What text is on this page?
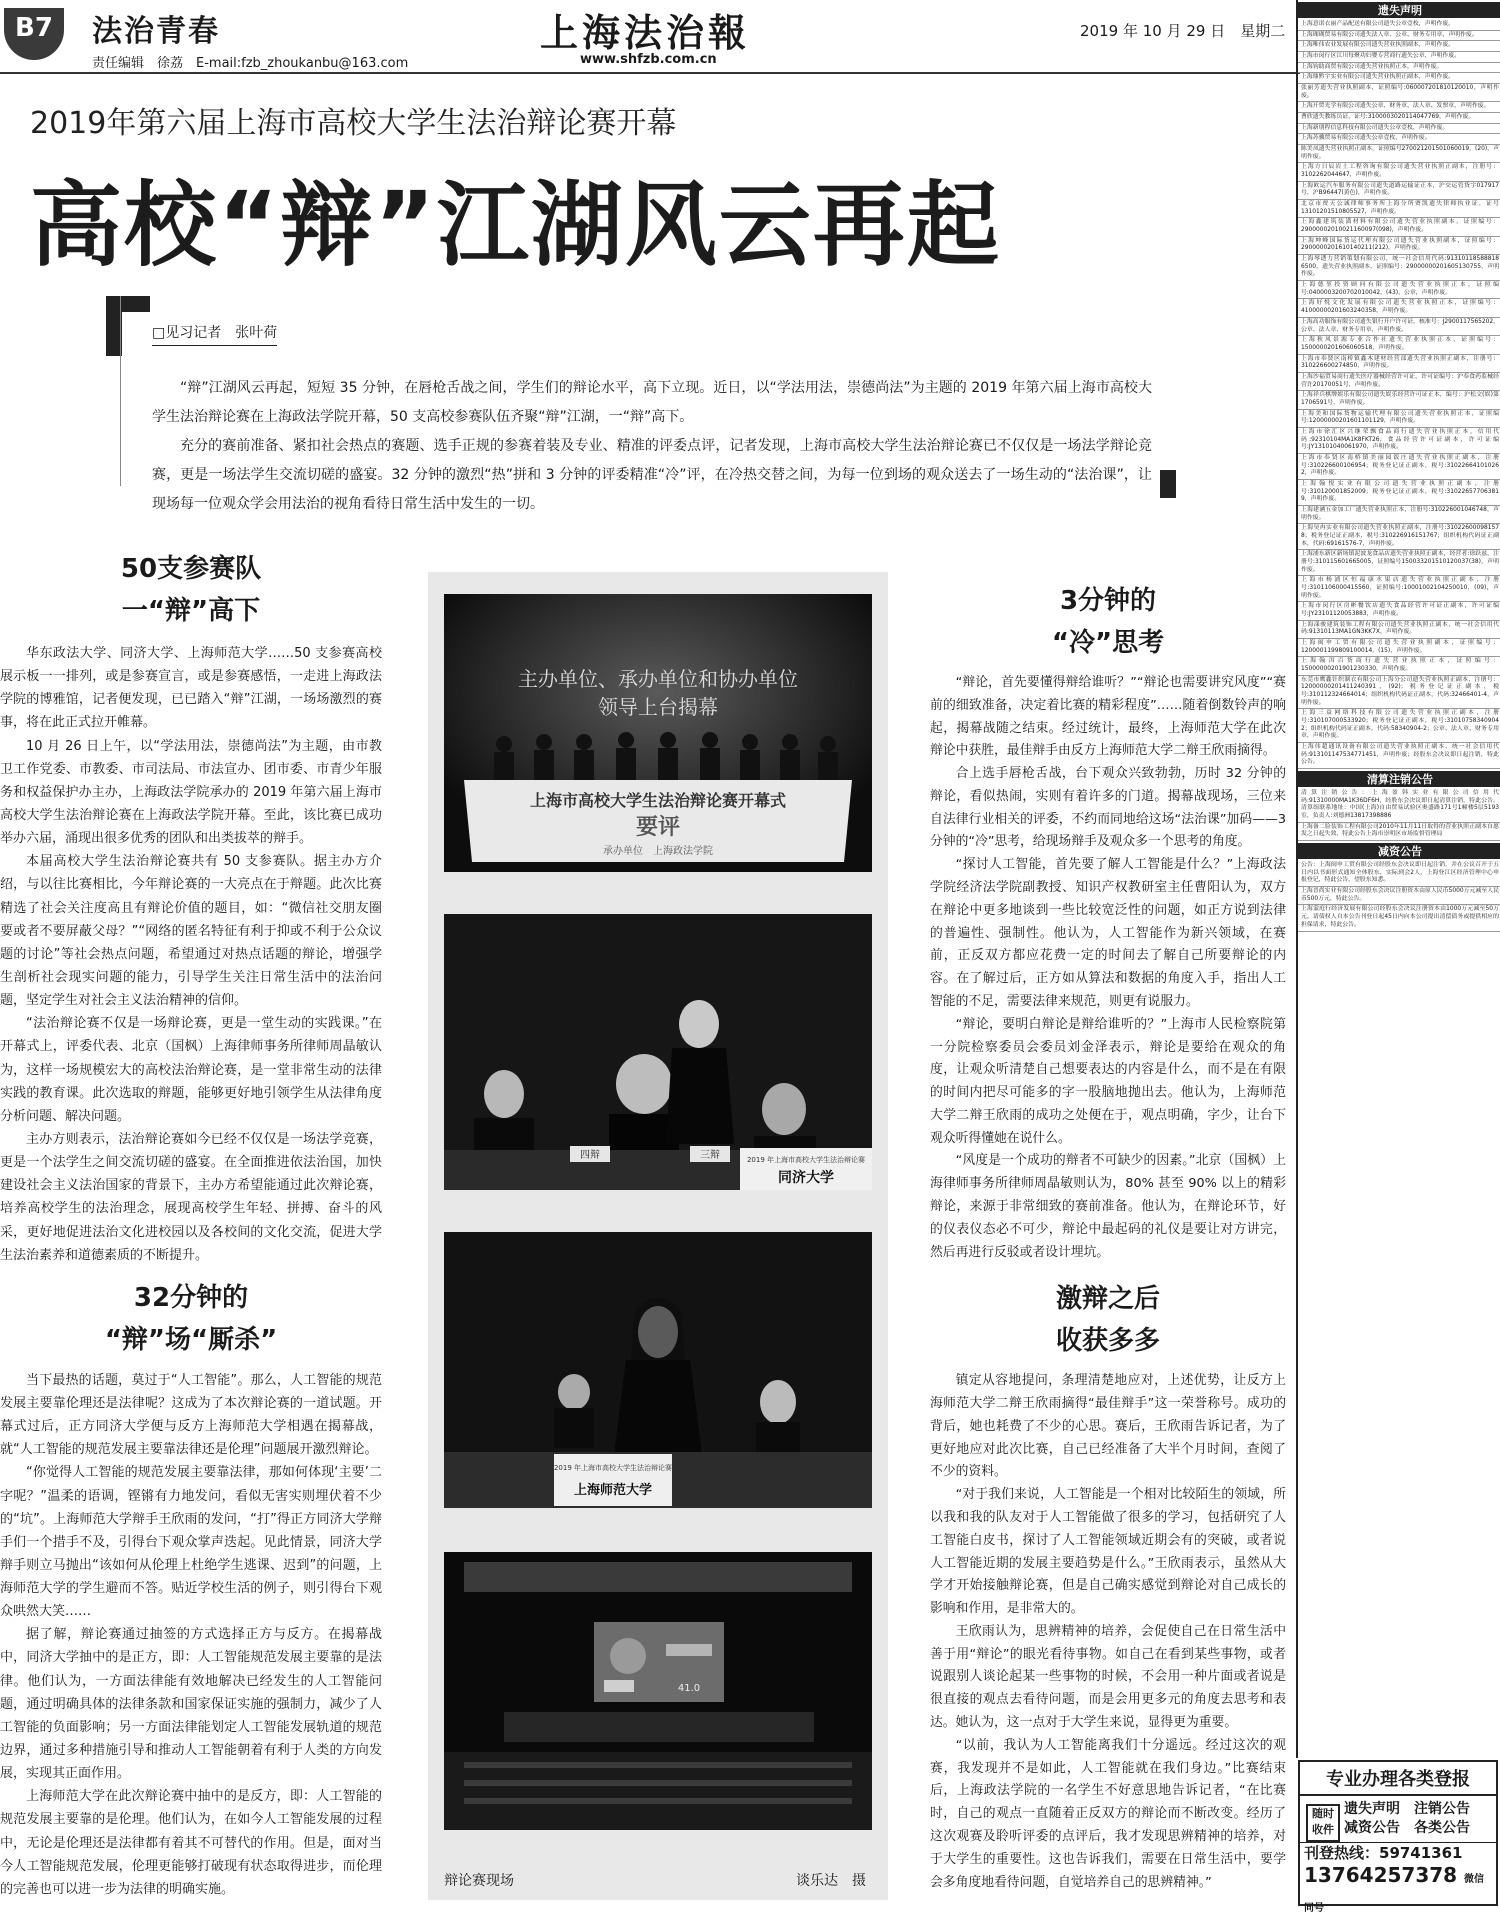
B7	法治青春
责任编辑　徐荔　E-mail:fzb_zhoukanbu@163.com
上海法治報
www.shfzb.com.cn
2019 年 10 月 29 日　星期二
2019年第六届上海市高校大学生法治辩论赛开幕
高校“辩”江湖风云再起
□见习记者　张叶荷

“辩”江湖风云再起，短短 35 分钟，在唇枪舌战之间，学生们的辩论水平，高下立现。近日，以“学法用法，崇德尚法”为主题的 2019 年第六届上海市高校大学生法治辩论赛在上海政法学院开幕，50 支高校参赛队伍齐聚“辩”江湖，一“辩”高下。

充分的赛前准备、紧扣社会热点的赛题、选手正规的参赛着装及专业、精准的评委点评，记者发现，上海市高校大学生法治辩论赛已不仅仅是一场法学辩论竞赛，更是一场法学生交流切磋的盛宴。32 分钟的激烈“热”拼和 3 分钟的评委精准“冷”评，在冷热交替之间，为每一位到场的观众送去了一场生动的“法治课”，让现场每一位观众学会用法治的视角看待日常生活中发生的一切。

50支参赛队
一“辩”高下

华东政法大学、同济大学、上海师范大学……50 支参赛高校展示板一一排列，或是参赛宣言，或是参赛感悟，一走进上海政法学院的博雅馆，记者便发现，已已踏入“辩”江湖，一场场激烈的赛事，将在此正式拉开帷幕。

10 月 26 日上午，以“学法用法，崇德尚法”为主题，由市教卫工作党委、市教委、市司法局、市法宣办、团市委、市青少年服务和权益保护办主办，上海政法学院承办的 2019 年第六届上海市高校大学生法治辩论赛在上海政法学院开幕。至此，该比赛已成功举办六届，涌现出很多优秀的团队和出类拔萃的辩手。

本届高校大学生法治辩论赛共有 50 支参赛队。据主办方介绍，与以往比赛相比，今年辩论赛的一大亮点在于辩题。此次比赛精选了社会关注度高且有辩论价值的题目，如：“微信社交朋友圈要或者不要屏蔽父母？”“网络的匿名特征有利于抑或不利于公众议题的讨论”等社会热点问题，希望通过对热点话题的辩论，增强学生剖析社会现实问题的能力，引导学生关注日常生活中的法治问题，坚定学生对社会主义法治精神的信仰。

“法治辩论赛不仅是一场辩论赛，更是一堂生动的实践课。”在开幕式上，评委代表、北京（国枫）上海律师事务所律师周晶敏认为，这样一场规模宏大的高校法治辩论赛，是一堂非常生动的法律实践的教育课。此次选取的辩题，能够更好地引领学生从法律角度分析问题、解决问题。

主办方则表示，法治辩论赛如今已经不仅仅是一场法学竞赛，更是一个法学生之间交流切磋的盛宴。在全面推进依法治国，加快建设社会主义法治国家的背景下，主办方希望能通过此次辩论赛，培养高校学生的法治理念，展现高校学生年轻、拼搏、奋斗的风采，更好地促进法治文化进校园以及各校间的文化交流，促进大学生法治素养和道德素质的不断提升。

32分钟的
“辩”场“厮杀”

当下最热的话题，莫过于“人工智能”。那么，人工智能的规范发展主要靠伦理还是法律呢？这成为了本次辩论赛的一道试题。开幕式过后，正方同济大学便与反方上海师范大学相遇在揭幕战，就“人工智能的规范发展主要靠法律还是伦理”问题展开激烈辩论。

“你觉得人工智能的规范发展主要靠法律，那如何体现‘主要’二字呢？”温柔的语调，铿锵有力地发问，看似无害实则埋伏着不少的“坑”。上海师范大学辩手王欣雨的发问，“打”得正方同济大学辩手们一个措手不及，引得台下观众掌声迭起。见此情景，同济大学辩手则立马抛出“该如何从伦理上杜绝学生逃课、迟到”的问题，上海师范大学的学生避而不答。贴近学校生活的例子，则引得台下观众哄然大笑……

据了解，辩论赛通过抽签的方式选择正方与反方。在揭幕战中，同济大学抽中的是正方，即：人工智能规范发展主要靠的是法律。他们认为，一方面法律能有效地解决已经发生的人工智能问题，通过明确具体的法律条款和国家保证实施的强制力，减少了人工智能的负面影响；另一方面法律能划定人工智能发展轨道的规范边界，通过多种措施引导和推动人工智能朝着有利于人类的方向发展，实现其正面作用。

上海师范大学在此次辩论赛中抽中的是反方，即：人工智能的规范发展主要靠的是伦理。他们认为，在如今人工智能发展的过程中，无论是伦理还是法律都有着其不可替代的作用。但是，面对当今人工智能规范发展，伦理更能够打破现有状态取得进步，而伦理的完善也可以进一步为法律的明确实施。

主办单位、承办单位和协办单位
领导上台揭幕
上海市高校大学生法治辩论赛开幕式
要评
承办单位　上海政法学院
四辩	三辩	2019 年上海市高校大学生法治辩论赛
同济大学
2019 年上海市高校大学生法治辩论赛
上海师范大学
41.0
辩论赛现场	谈乐达　摄
3分钟的
“冷”思考

“辩论，首先要懂得辩给谁听？”“辩论也需要讲究风度”“赛前的细致准备，决定着比赛的精彩程度”……随着倒数铃声的响起，揭幕战随之结束。经过统计，最终，上海师范大学在此次辩论中获胜，最佳辩手由反方上海师范大学二辩王欣雨摘得。

合上选手唇枪舌战，台下观众兴致勃勃，历时 32 分钟的辩论，看似热闹，实则有着许多的门道。揭幕战现场，三位来自法律行业相关的评委，不约而同地给这场“法治课”加码——3 分钟的“冷”思考，给现场辩手及观众多一个思考的角度。

“探讨人工智能，首先要了解人工智能是什么？”上海政法学院经济法学院副教授、知识产权教研室主任曹阳认为，双方在辩论中更多地谈到一些比较宽泛性的问题，如正方说到法律的普遍性、强制性。他认为，人工智能作为新兴领域，在赛前，正反双方都应花费一定的时间去了解自己所要辩论的内容。在了解过后，正方如从算法和数据的角度入手，指出人工智能的不足，需要法律来规范，则更有说服力。

“辩论，要明白辩论是辩给谁听的？”上海市人民检察院第一分院检察委员会委员刘金泽表示，辩论是要给在观众的角度，让观众听清楚自己想要表达的内容是什么，而不是在有限的时间内把尽可能多的字一股脑地抛出去。他认为，上海师范大学二辩王欣雨的成功之处便在于，观点明确，字少，让台下观众听得懂她在说什么。

“风度是一个成功的辩者不可缺少的因素。”北京（国枫）上海律师事务所律师周晶敏则认为，80% 甚至 90% 以上的精彩辩论，来源于非常细致的赛前准备。他认为，在辩论环节，好的仪表仪态必不可少，辩论中最起码的礼仪是要让对方讲完，然后再进行反驳或者设计埋坑。

激辩之后
收获多多

镇定从容地提问，条理清楚地应对，上述优势，让反方上海师范大学二辩王欣雨摘得“最佳辩手”这一荣誉称号。成功的背后，她也耗费了不少的心思。赛后，王欣雨告诉记者，为了更好地应对此次比赛，自己已经准备了大半个月时间，查阅了不少的资料。

“对于我们来说，人工智能是一个相对比较陌生的领域，所以我和我的队友对于人工智能做了很多的学习，包括研究了人工智能白皮书，探讨了人工智能领域近期会有的突破，或者说人工智能近期的发展主要趋势是什么。”王欣雨表示，虽然从大学才开始接触辩论赛，但是自己确实感觉到辩论对自己成长的影响和作用，是非常大的。

王欣雨认为，思辨精神的培养，会促使自己在日常生活中善于用“辩论”的眼光看待事物。如自己在看到某些事物，或者说跟别人谈论起某一些事物的时候，不会用一种片面或者说是很直接的观点去看待问题，而是会用更多元的角度去思考和表达。她认为，这一点对于大学生来说，显得更为重要。

“以前，我认为人工智能离我们十分遥远。经过这次的观赛，我发现并不是如此，人工智能就在我们身边。”比赛结束后，上海政法学院的一名学生不好意思地告诉记者，“在比赛时，自己的观点一直随着正反双方的辩论而不断改变。经历了这次观赛及聆听评委的点评后，我才发现思辨精神的培养，对于大学生的重要性。这也告诉我们，需要在日常生活中，要学会多角度地看待问题，自觉培养自己的思辨精神。”

遗失声明
上海意诺衣丽产品配送有限公司遗失公章壹枚，声明作废。
上海瑚瑚贸易有限公司遗失法人章、公章、财务专用章，声明作废。
上海唯伟农业发展有限公司遗失营业执照副本，声明作废。
上海市闵行区江川每聚功妇婴专营商行遗失公章，声明作废。
上海钧助商贸有限公司遗失营业执照正本，声明作废。
上海鼎黔宇实业有限公司遗失营业执照正副本，声明作废。
张丽芳遗失营业执照副本，证照编号:06000720181012001​0，声明作废。
上海开贸光学有限公司遗失公章、财务章、法人章、发票章，声明作废。
曹欣遗失教练员证，证号:310000302011404​7769，声明作废。
上海新朋程信息科技有限公司遗失公章壹枚，声明作废。
上海苏骥贸易有限公司遗失公章壹枚，声明作废。
陈美凤遗失营业执照正副本，证照编号27002120150106001​9，(20)，声明作废。
上海方日辰岩土工程咨询有限公司遗失营业执照正副本，注册号：310226204464​7，声明作废。
上海欧运汽车服务有限公司遗失道路运输证正本，沪交运管货字017917号，沪B96447(黄色)，声明作废。
北京市贾天公诚律师事务所上海分所贾凯遗失律师执业证，证号13101201510805527，声明作废。
上海鑫建筑装潢材料有限公司遗失营业执照副本，证照编号：29000002010021160097(098)，声明作废。
上海坤峰国际货运代理有限公司遗失营业执照副本，证照编号：290000020161014021​1(212)，声明作废。
上海琴透力营销策划有限公司，统一社会信用代码:91310118588818​6500，遗失营业执照副本，证照编号：290000002016051307​55，声明作废。
上海德堃投资顾问有限公司遗失营业执照正本，证照编号:0400003200702010​042，(43)，公章，声明作废。
上海好悦文化发展有限公司遗失营业执照正本，证照编号：41000000201603240358，声明作废。
上海高功服饰有限公司遗失银行开户许可证，核准号：J290011756520​2，公章、法人章、财务专用章，声明作废。
上海秋风景源专业合作社遗失营业执照正本，证照编号：1500000201606060518，声明作废。
上海市奉贤区南桥镇鑫木建材经营部遗失营业执照正副本，注册号：310226600274850，声明作废。
上海沙福贸易商行遗失医疗器械经营许可证，许可证编号：沪奉食药监械经营许20170051号，声明作废。
上海祥兵棋牌娱乐有限公司遗失娱乐经营许可证正本，编号：沪松文(娱)第1706591号，声明作废。
上海美和国际货物运输代理有限公司遗失营业执照正本，证照编号:1200000020160110112​9，声明作废。
上海市徐汇区兴继荣飘食品商行遗失营业执照正本，信用代码:92310104MA1K8FKT26；食品经营许可证副本，许可证编号:JY13101040061970，声明作废。
上海市奉贤区南桥镇美丽园饭庄遗失营业执照正副本，注册号:310226600106954；税务登记证正副本，税号:31022664101026​2，声明作废。
上海翰悦实业有限公司遗失营业执照正副本，注册号:310120001852009；税务登记证正副本，税号:31022657706381​9，声明作废。
上海建涵五金加工厂遗失营业执照正本，注册号:310226001046748，声明作废。
上海昊冉实业有限公司遗失营业执照正副本，注册号:31022600098157​8；税务登记证正副本，税号:31022691615176​7；组织机构代码证正副本，代码:69161576-7，声明作废。
上海浦东新区新场镇泥波龙食品店遗失营业执照正副本，经营者:徐跃兹，注册号:310115601665005，证照编号15003320151012003​7(38)，声明作废。
上海市杨浦区恒福康水果店遗失营业执照正副本，注册号:31011060004155​60，证照编号:10001002104250010，(09)，声明作废。
上海市闵行区房彬餐饮店遗失食品经营许可证正副本，许可证编号:JY23101120053883，声明作废。
上海漾骏建筑装饰工程有限公司遗失营业执照正副本，统一社会信用代码:91310113MA1GN3KK7X，声明作废。
上海闽申工贸有限公司遗失营业执照副本，证照编号：12000011998091000​14，(15)，声明作废。
上海翰洱百货商行遗失营业执照正本，证照编号：1500000020190123033​0，声明作废。
东莞市鹰鑫针织制衣有限公司上海分公司遗失营业执照正副本，注册号：1200000020141124039​1，(92)；税务登记证正副本，税号:31011232466401​4；组织机构代码证正副本，代码:32466401-4，声明作废。
上海三益网络科技有限公司遗失营业执照正副本，注册号:31010700053392​0；税务登记证正副本，税号:31010758340904​2；组织机构代码证正副本，代码:58340904-2；公章、法人章、财务专用章，声明作废。
上海伟超通讯设备有限公司遗失营业执照正副本，统一社会信用代码:91310114753477145​1，声明作废；经股东会决议即日起注销，特此公告。
清算注销公告
清算注销公告：上海盈韩实业有限公司信用代码:91310000MA1K36DF6H，经股东会决议即日起清算注销，特此公告。清算组联系地址：中国(上海)自由贸易试验区奥盛路171号1幢楼5层5193室，负责人:刘德洲13817398886
上海备二脸装饰工程有限公司2010年11月11日取得的营业执照正副本自愿发之日起失效，特此公告上海市崇明区市场监督管理局
减资公告
公告：上海闽申工贸有限公司经股东会决议即日起注销，并在公议召开于五日内以书面形式通知全体股东，实际到会2人，上海登江区经济管理中心申报登记，特此公告，望股东知悉。
上海晋尚实业有限公司经股东会决议注册资本由原人民币5000万元减至人民币500万元，特此公告。
上海蒙庭行经济发展有限公司经股东会决议注册资本由1000万元减至50万元，请债权人自本公告刊登日起45日内向本公司提出清偿债务或提供相应的担保请求，特此公告。
专业办理各类登报
随时收件
遗失声明　注销公告
减资公告　各类公告
刊登热线：59741361
13764257378 微信同号
